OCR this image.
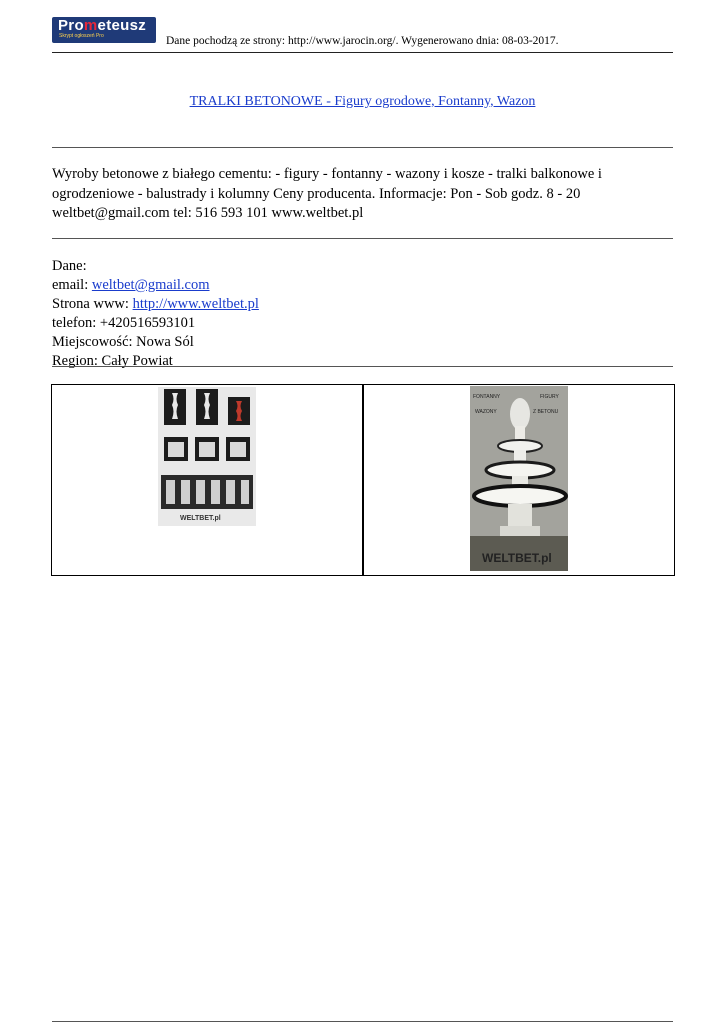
Prometeusz
Skrypt ogłoszeń Pro	Dane pochodzą ze strony: http://www.jarocin.org/. Wygenerowano dnia: 08-03-2017.
TRALKI BETONOWE - Figury ogrodowe, Fontanny, Wazon
Wyroby betonowe z białego cementu: - figury - fontanny - wazony i kosze - tralki balkonowe i ogrodzeniowe - balustrady i kolumny Ceny producenta. Informacje: Pon - Sob godz. 8 - 20 weltbet@gmail.com tel: 516 593 101 www.weltbet.pl
Dane:
email: weltbet@gmail.com
Strona www: http://www.weltbet.pl
telefon: +420516593101
Miejscowość: Nowa Sól
Region: Cały Powiat
WELTBET.pl
FONTANNY	FIGURY
WAZONY	Z BETONU
WELTBET.pl
